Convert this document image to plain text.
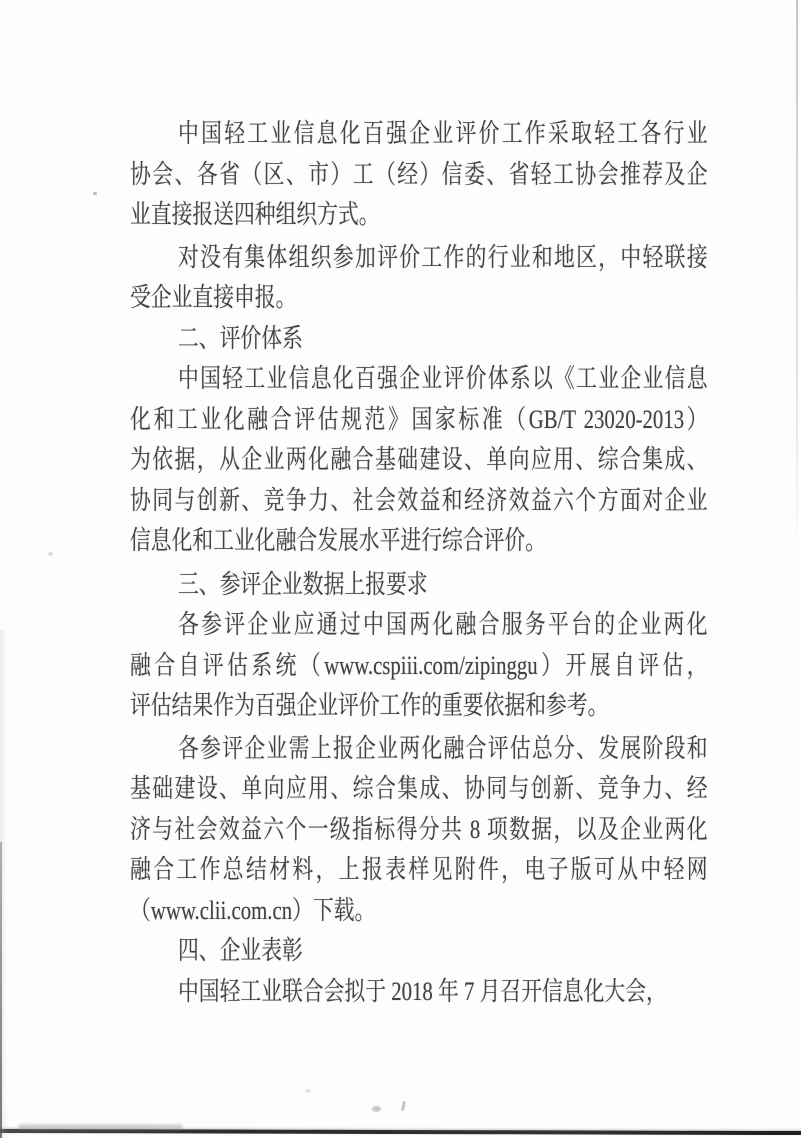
中国轻工业信息化百强企业评价工作采取轻工各行业
协会、各省（区、市）工（经）信委、省轻工协会推荐及企
业直接报送四种组织方式。
对没有集体组织参加评价工作的行业和地区，中轻联接
受企业直接申报。
二、评价体系
中国轻工业信息化百强企业评价体系以《工业企业信息
化和工业化融合评估规范》国家标准（GB/T 23020-2013）
为依据，从企业两化融合基础建设、单向应用、综合集成、
协同与创新、竞争力、社会效益和经济效益六个方面对企业
信息化和工业化融合发展水平进行综合评价。
三、参评企业数据上报要求
各参评企业应通过中国两化融合服务平台的企业两化
融合自评估系统（www.cspiii.com/zipinggu）开展自评估，
评估结果作为百强企业评价工作的重要依据和参考。
各参评企业需上报企业两化融合评估总分、发展阶段和
基础建设、单向应用、综合集成、协同与创新、竞争力、经
济与社会效益六个一级指标得分共 8 项数据，以及企业两化
融合工作总结材料，上报表样见附件，电子版可从中轻网
（www.clii.com.cn）下载。
四、企业表彰
中国轻工业联合会拟于 2018 年 7 月召开信息化大会，
